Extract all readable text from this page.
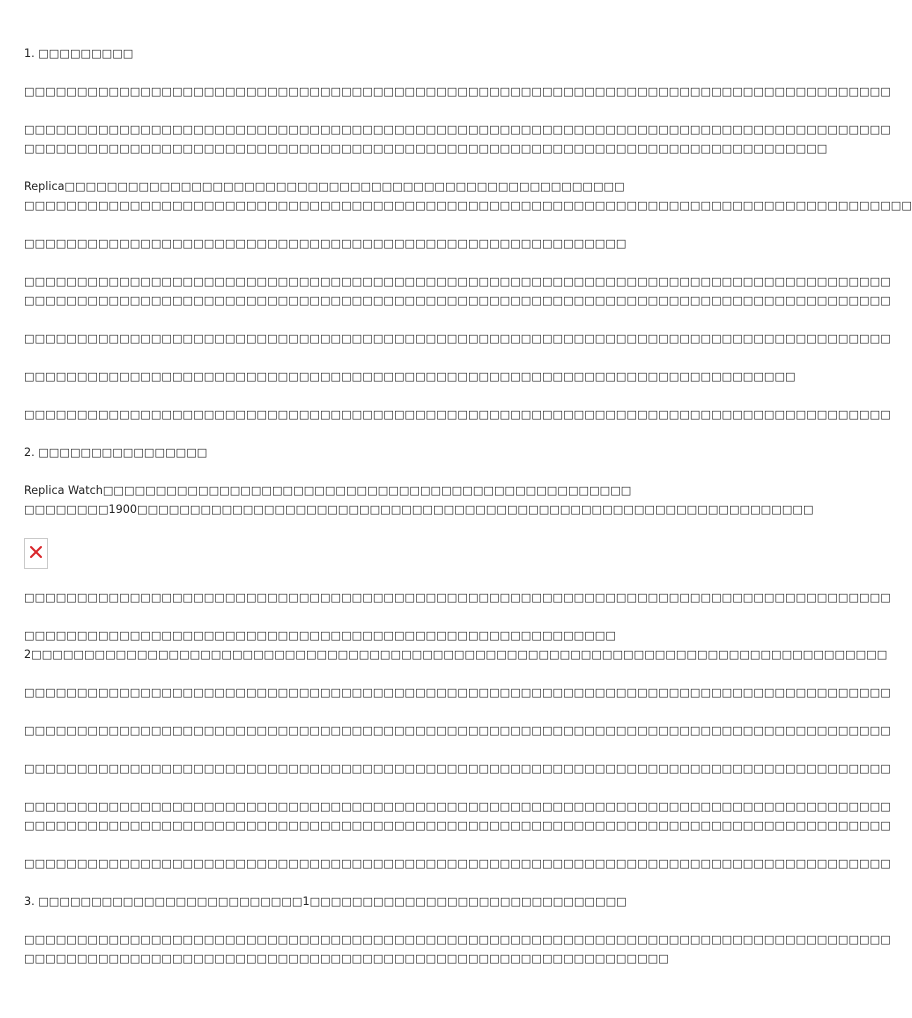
1. □□□□□□□□□

□□□□□□□□□□□□□□□□□□□□□□□□□□□□□□□□□□□□□□□□□□□□□□□□□□□□□□□□□□□□□□□□□□□□□□□□□□□□□□□□□□

□□□□□□□□□□□□□□□□□□□□□□□□□□□□□□□□□□□□□□□□□□□□□□□□□□□□□□□□□□□□□□□□□□□□□□□□□□□□□□□□□□
□□□□□□□□□□□□□□□□□□□□□□□□□□□□□□□□□□□□□□□□□□□□□□□□□□□□□□□□□□□□□□□□□□□□□□□□□□□□

Replica□□□□□□□□□□□□□□□□□□□□□□□□□□□□□□□□□□□□□□□□□□□□□□□□□□□□□
□□□□□□□□□□□□□□□□□□□□□□□□□□□□□□□□□□□□□□□□□□□□□□□□□□□□□□□□□□□□□□□□□□□□□□□□□□□□□□□□□□□□

□□□□□□□□□□□□□□□□□□□□□□□□□□□□□□□□□□□□□□□□□□□□□□□□□□□□□□□□□

□□□□□□□□□□□□□□□□□□□□□□□□□□□□□□□□□□□□□□□□□□□□□□□□□□□□□□□□□□□□□□□□□□□□□□□□□□□□□□□□□□
□□□□□□□□□□□□□□□□□□□□□□□□□□□□□□□□□□□□□□□□□□□□□□□□□□□□□□□□□□□□□□□□□□□□□□□□□□□□□□□□□□

□□□□□□□□□□□□□□□□□□□□□□□□□□□□□□□□□□□□□□□□□□□□□□□□□□□□□□□□□□□□□□□□□□□□□□□□□□□□□□□□□□

□□□□□□□□□□□□□□□□□□□□□□□□□□□□□□□□□□□□□□□□□□□□□□□□□□□□□□□□□□□□□□□□□□□□□□□□□

□□□□□□□□□□□□□□□□□□□□□□□□□□□□□□□□□□□□□□□□□□□□□□□□□□□□□□□□□□□□□□□□□□□□□□□□□□□□□□□□□□

2. □□□□□□□□□□□□□□□□

Replica Watch□□□□□□□□□□□□□□□□□□□□□□□□□□□□□□□□□□□□□□□□□□□□□□□□□□
□□□□□□□□1900□□□□□□□□□□□□□□□□□□□□□□□□□□□□□□□□□□□□□□□□□□□□□□□□□□□□□□□□□□□□□□□□

□□□□□□□□□□□□□□□□□□□□□□□□□□□□□□□□□□□□□□□□□□□□□□□□□□□□□□□□□□□□□□□□□□□□□□□□□□□□□□□□□□

□□□□□□□□□□□□□□□□□□□□□□□□□□□□□□□□□□□□□□□□□□□□□□□□□□□□□□□□
2□□□□□□□□□□□□□□□□□□□□□□□□□□□□□□□□□□□□□□□□□□□□□□□□□□□□□□□□□□□□□□□□□□□□□□□□□□□□□□□□□

□□□□□□□□□□□□□□□□□□□□□□□□□□□□□□□□□□□□□□□□□□□□□□□□□□□□□□□□□□□□□□□□□□□□□□□□□□□□□□□□□□

□□□□□□□□□□□□□□□□□□□□□□□□□□□□□□□□□□□□□□□□□□□□□□□□□□□□□□□□□□□□□□□□□□□□□□□□□□□□□□□□□□

□□□□□□□□□□□□□□□□□□□□□□□□□□□□□□□□□□□□□□□□□□□□□□□□□□□□□□□□□□□□□□□□□□□□□□□□□□□□□□□□□□

□□□□□□□□□□□□□□□□□□□□□□□□□□□□□□□□□□□□□□□□□□□□□□□□□□□□□□□□□□□□□□□□□□□□□□□□□□□□□□□□□□
□□□□□□□□□□□□□□□□□□□□□□□□□□□□□□□□□□□□□□□□□□□□□□□□□□□□□□□□□□□□□□□□□□□□□□□□□□□□□□□□□□

□□□□□□□□□□□□□□□□□□□□□□□□□□□□□□□□□□□□□□□□□□□□□□□□□□□□□□□□□□□□□□□□□□□□□□□□□□□□□□□□□□

3. □□□□□□□□□□□□□□□□□□□□□□□□□1□□□□□□□□□□□□□□□□□□□□□□□□□□□□□□

□□□□□□□□□□□□□□□□□□□□□□□□□□□□□□□□□□□□□□□□□□□□□□□□□□□□□□□□□□□□□□□□□□□□□□□□□□□□□□□□□□
□□□□□□□□□□□□□□□□□□□□□□□□□□□□□□□□□□□□□□□□□□□□□□□□□□□□□□□□□□□□□
